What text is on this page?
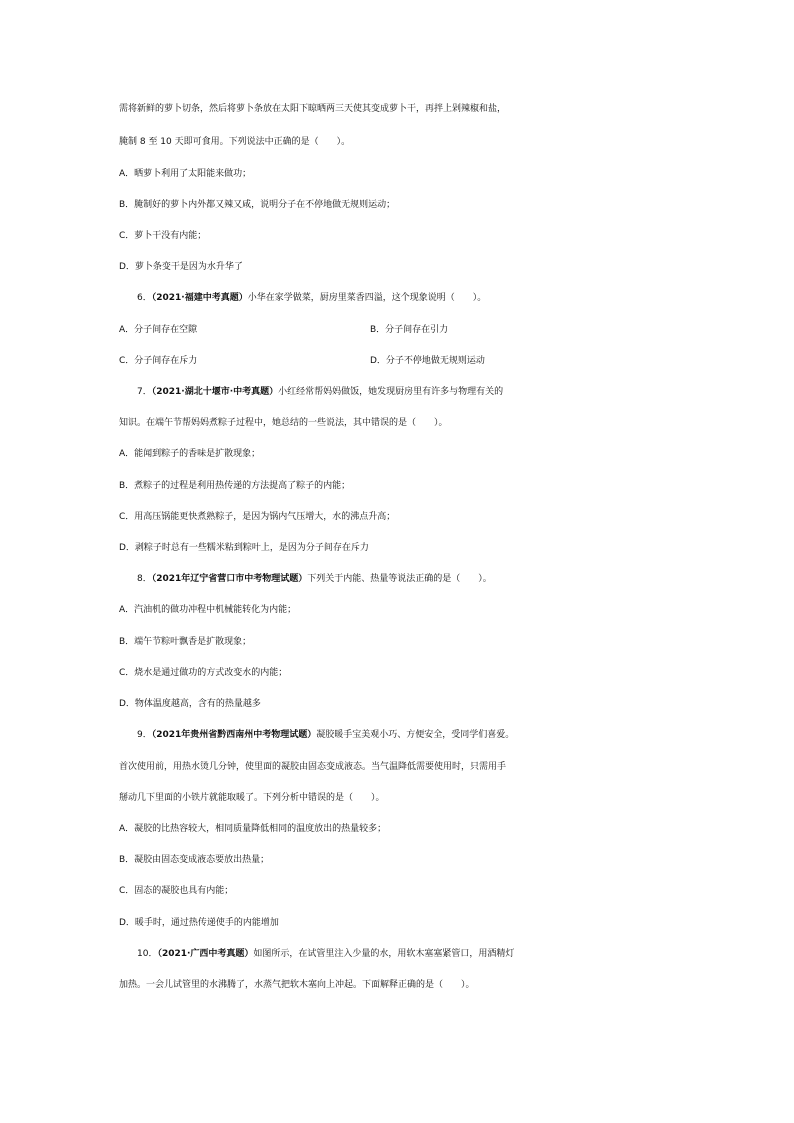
需将新鲜的萝卜切条，然后将萝卜条放在太阳下晾晒两三天使其变成萝卜干，再拌上剁辣椒和盐，
腌制 8 至 10 天即可食用。下列说法中正确的是（　　）。
A．晒萝卜利用了太阳能来做功；
B．腌制好的萝卜内外都又辣又咸，说明分子在不停地做无规则运动；
C．萝卜干没有内能；
D．萝卜条变干是因为水升华了
6．（2021·福建中考真题）小华在家学做菜，厨房里菜香四溢，这个现象说明（　　）。
A．分子间存在空隙	B．分子间存在引力
C．分子间存在斥力	D．分子不停地做无规则运动
7．（2021·湖北十堰市·中考真题）小红经常帮妈妈做饭，她发现厨房里有许多与物理有关的
知识。在端午节帮妈妈煮粽子过程中，她总结的一些说法，其中错误的是（　　）。
A．能闻到粽子的香味是扩散现象；
B．煮粽子的过程是利用热传递的方法提高了粽子的内能；
C．用高压锅能更快煮熟粽子，是因为锅内气压增大，水的沸点升高；
D．剥粽子时总有一些糯米粘到粽叶上，是因为分子间存在斥力
8．（2021年辽宁省营口市中考物理试题）下列关于内能、热量等说法正确的是（　　）。
A．汽油机的做功冲程中机械能转化为内能；
B．端午节粽叶飘香是扩散现象；
C．烧水是通过做功的方式改变水的内能；
D．物体温度越高，含有的热量越多
9．（2021年贵州省黔西南州中考物理试题）凝胶暖手宝美观小巧、方便安全，受同学们喜爱。
首次使用前，用热水烫几分钟，使里面的凝胶由固态变成液态。当气温降低需要使用时，只需用手
掰动几下里面的小铁片就能取暖了。下列分析中错误的是（　　）。
A．凝胶的比热容较大，相同质量降低相同的温度放出的热量较多；
B．凝胶由固态变成液态要放出热量；
C．固态的凝胶也具有内能；
D．暖手时，通过热传递使手的内能增加
10．（2021·广西中考真题）如图所示，在试管里注入少量的水，用软木塞塞紧管口，用酒精灯
加热。一会儿试管里的水沸腾了，水蒸气把软木塞向上冲起。下面解释正确的是（　　）。
